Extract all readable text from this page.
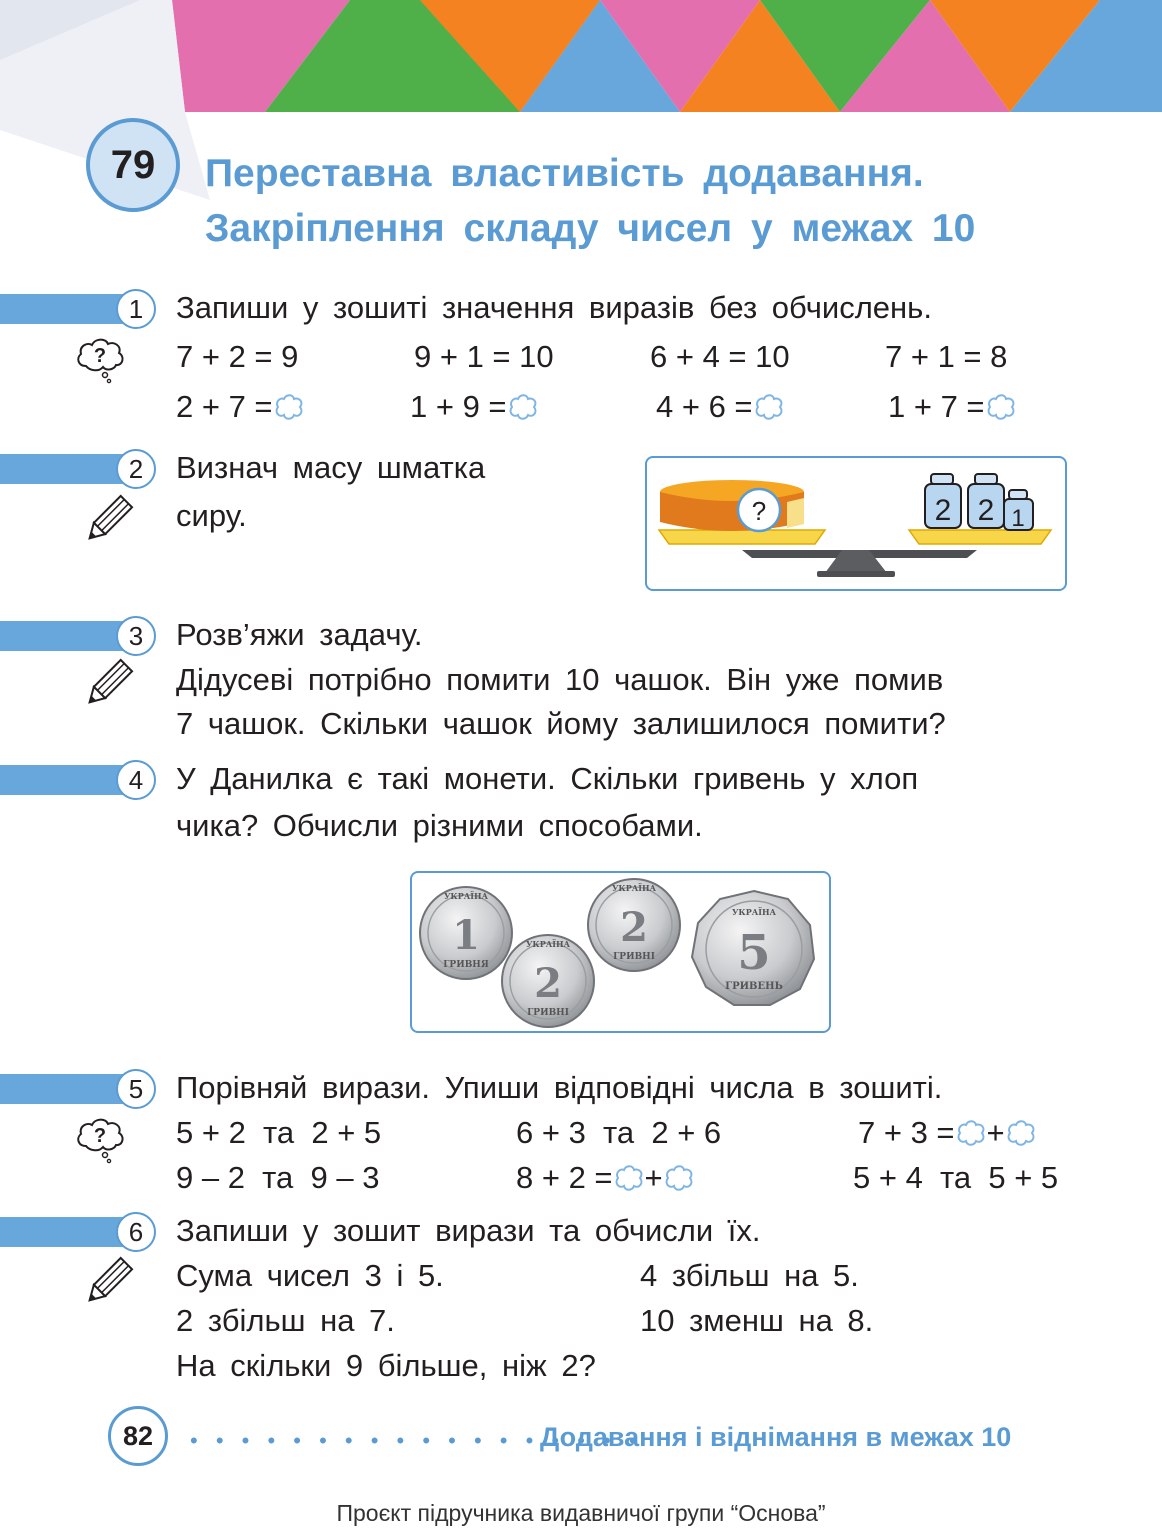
79	Переставна властивість додавання.
Закріплення складу чисел у межах 10
1	Запиши у зошиті значення виразів без обчислень.
? 7 + 2 = 9	9 + 1 = 10	6 + 4 = 10	7 + 1 = 8
2 + 7 =	1 + 9 =	4 + 6 =	1 + 7 =
2	Визнач масу шматка
сиру.	?	2 2 1
3	Розв’яжи задачу.
Дідусеві потрібно помити 10 чашок. Він уже помив
7 чашок. Скільки чашок йому залишилося помити?
4	У Данилка є такі монети. Скільки гривень у хлоп
чика? Обчисли різними способами.
УКРАЇНА
1
ГРИВНЯ
УКРАЇНА
2
ГРИВНІ
УКРАЇНА
2
ГРИВНІ
УКРАЇНА
5
ГРИВЕНЬ
5	Порівняй вирази. Упиши відповідні числа в зошиті.
? 5 + 2  та  2 + 5	6 + 3  та  2 + 6	7 + 3 = +
9 – 2  та  9 – 3	8 + 2 = +	5 + 4  та  5 + 5
6	Запиши у зошит вирази та обчисли їх.
Сума чисел 3 і 5.	4 збільш на 5.
2 збільш на 7.	10 зменш на 8.
На скільки 9 більше, ніж 2?
82	• • • • • • • • • • • • • • • • • •
Додавання і віднімання в межах 10
Проєкт підручника видавничої групи “Основа”
